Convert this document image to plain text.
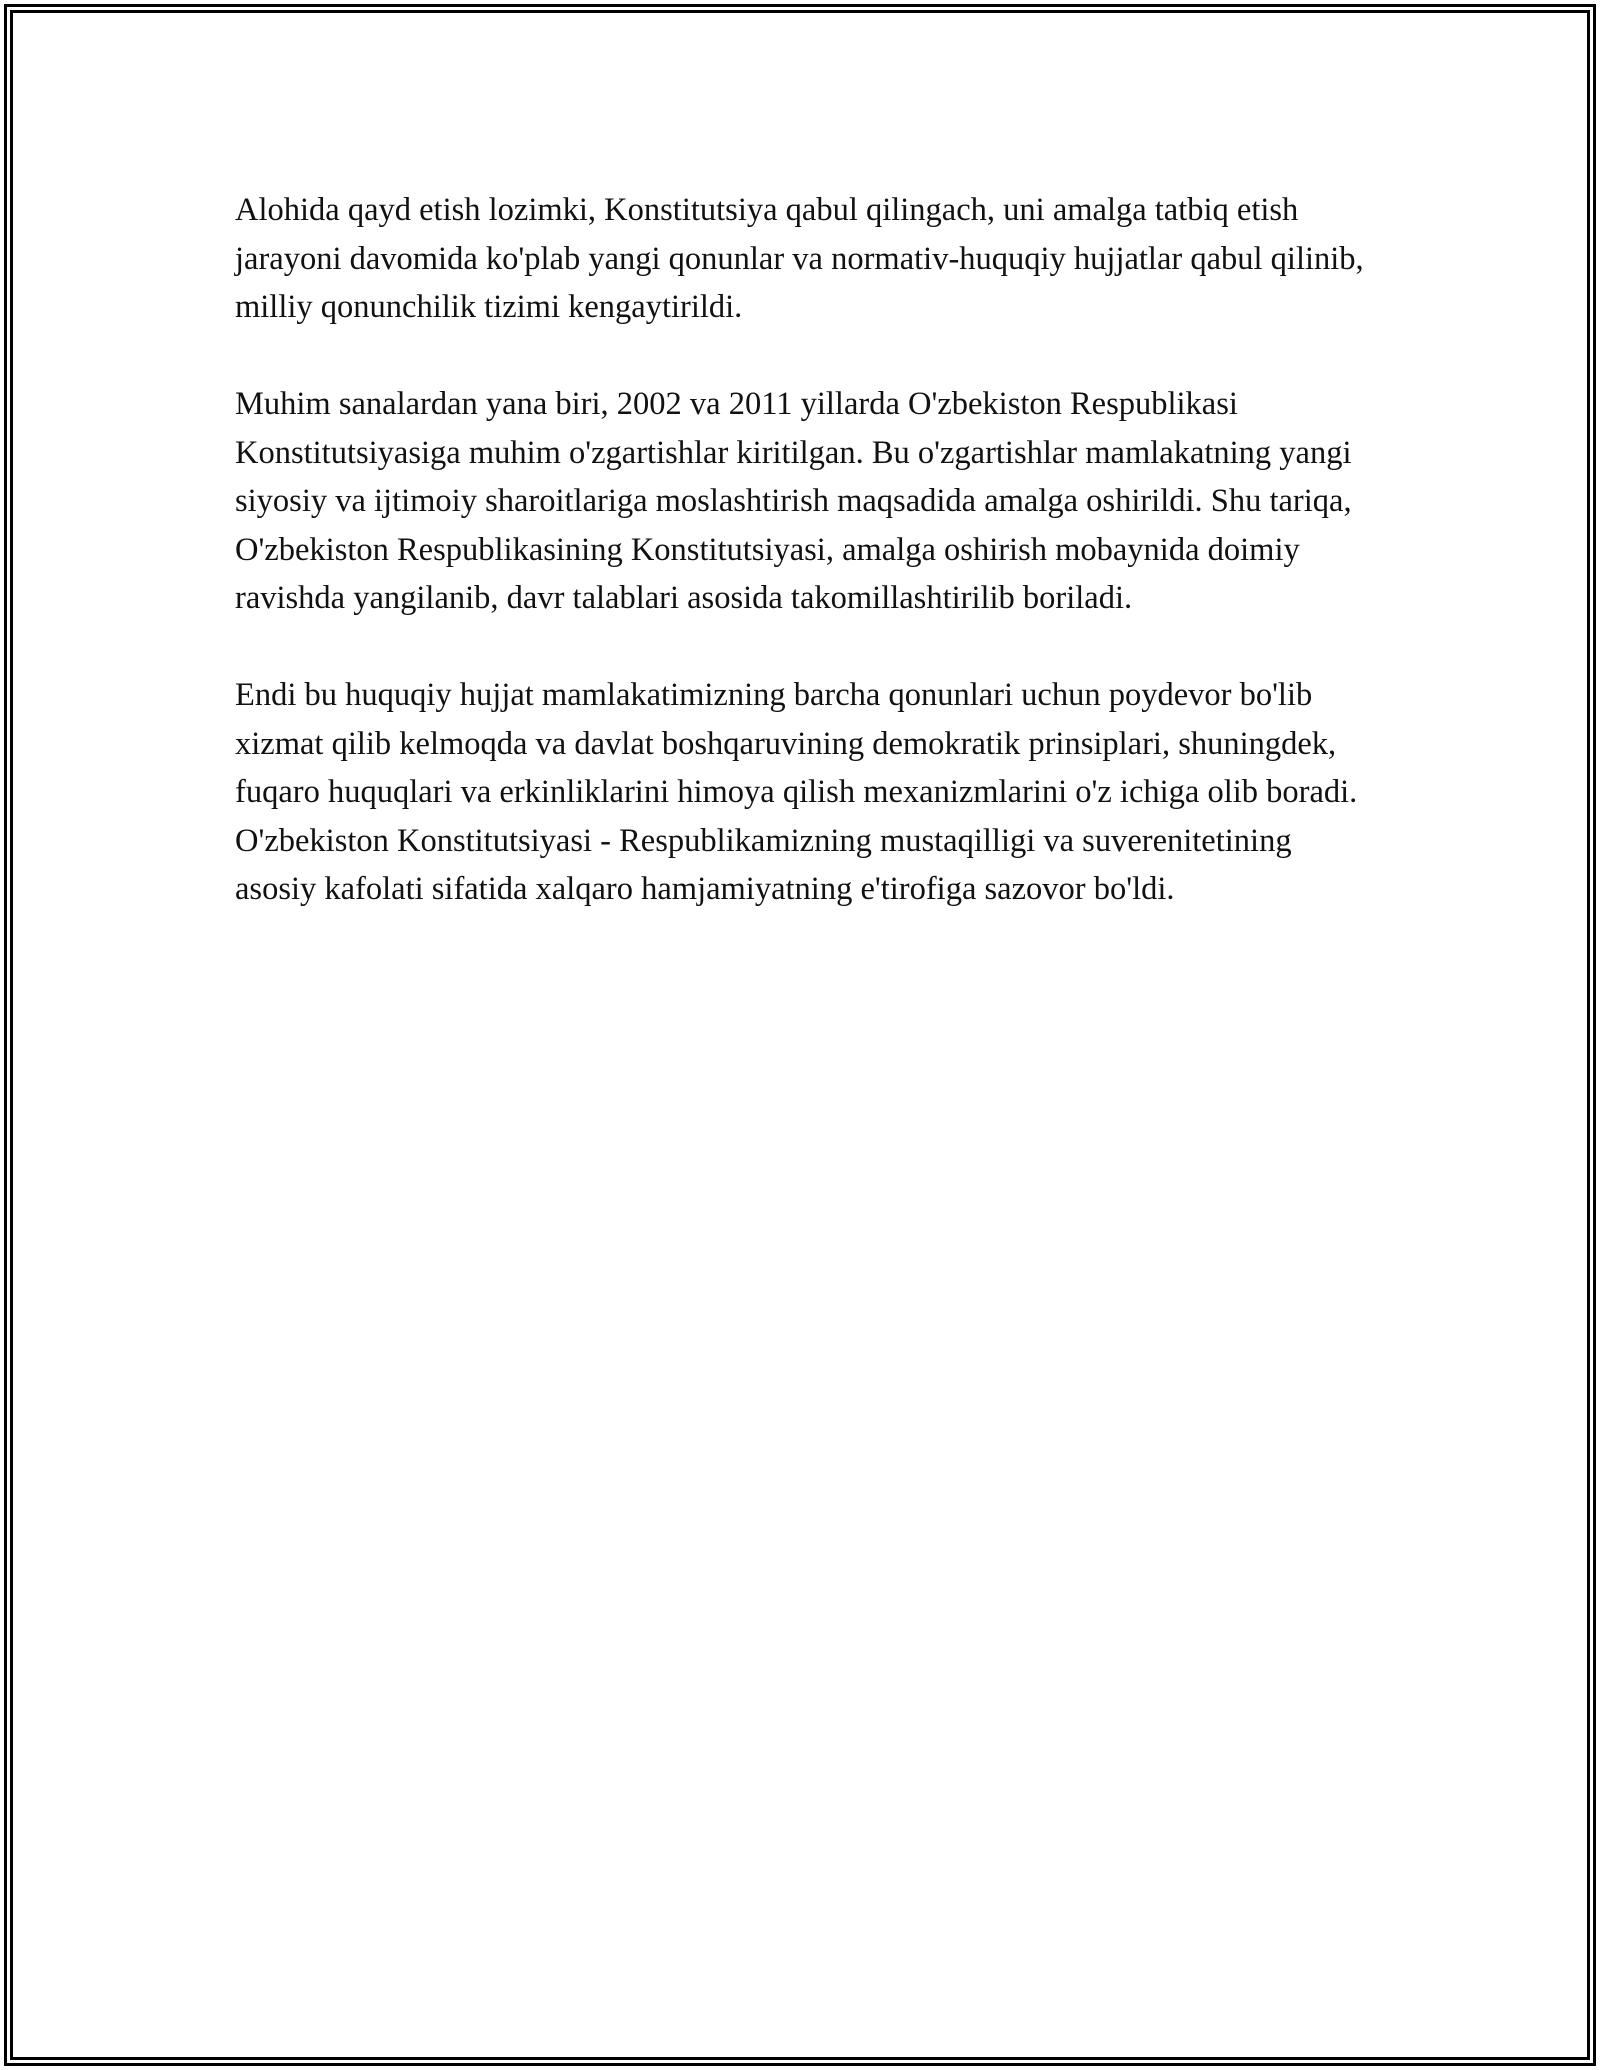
Alohida qayd etish lozimki, Konstitutsiya qabul qilingach, uni amalga tatbiq etish jarayoni davomida ko'plab yangi qonunlar va normativ-huquqiy hujjatlar qabul qilinib, milliy qonunchilik tizimi kengaytirildi.

Muhim sanalardan yana biri, 2002 va 2011 yillarda O'zbekiston Respublikasi Konstitutsiyasiga muhim o'zgartishlar kiritilgan. Bu o'zgartishlar mamlakatning yangi siyosiy va ijtimoiy sharoitlariga moslashtirish maqsadida amalga oshirildi. Shu tariqa, O'zbekiston Respublikasining Konstitutsiyasi, amalga oshirish mobaynida doimiy ravishda yangilanib, davr talablari asosida takomillashtirilib boriladi.

Endi bu huquqiy hujjat mamlakatimizning barcha qonunlari uchun poydevor bo'lib xizmat qilib kelmoqda va davlat boshqaruvining demokratik prinsiplari, shuningdek, fuqaro huquqlari va erkinliklarini himoya qilish mexanizmlarini o'z ichiga olib boradi. O'zbekiston Konstitutsiyasi - Respublikamizning mustaqilligi va suverenitetining asosiy kafolati sifatida xalqaro hamjamiyatning e'tirofiga sazovor bo'ldi.
